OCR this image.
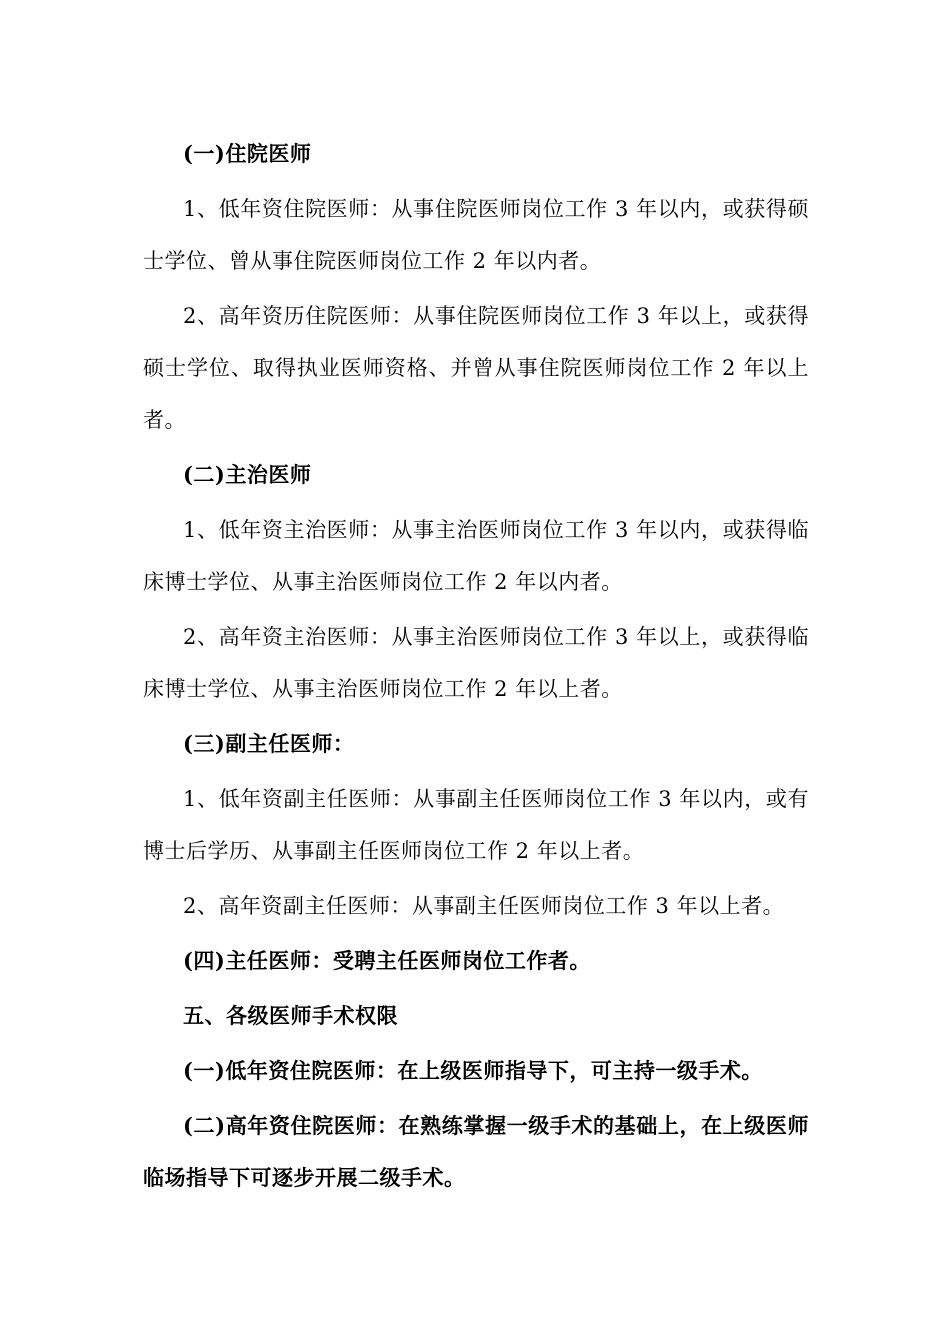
(一)住院医师

1、低年资住院医师：从事住院医师岗位工作 3 年以内，或获得硕士学位、曾从事住院医师岗位工作 2 年以内者。

2、高年资历住院医师：从事住院医师岗位工作 3 年以上，或获得硕士学位、取得执业医师资格、并曾从事住院医师岗位工作 2 年以上者。

(二)主治医师

1、低年资主治医师：从事主治医师岗位工作 3 年以内，或获得临床博士学位、从事主治医师岗位工作 2 年以内者。

2、高年资主治医师：从事主治医师岗位工作 3 年以上，或获得临床博士学位、从事主治医师岗位工作 2 年以上者。

(三)副主任医师：

1、低年资副主任医师：从事副主任医师岗位工作 3 年以内，或有博士后学历、从事副主任医师岗位工作 2 年以上者。

2、高年资副主任医师：从事副主任医师岗位工作 3 年以上者。

(四)主任医师：受聘主任医师岗位工作者。

五、各级医师手术权限

(一)低年资住院医师：在上级医师指导下，可主持一级手术。

(二)高年资住院医师：在熟练掌握一级手术的基础上，在上级医师临场指导下可逐步开展二级手术。
